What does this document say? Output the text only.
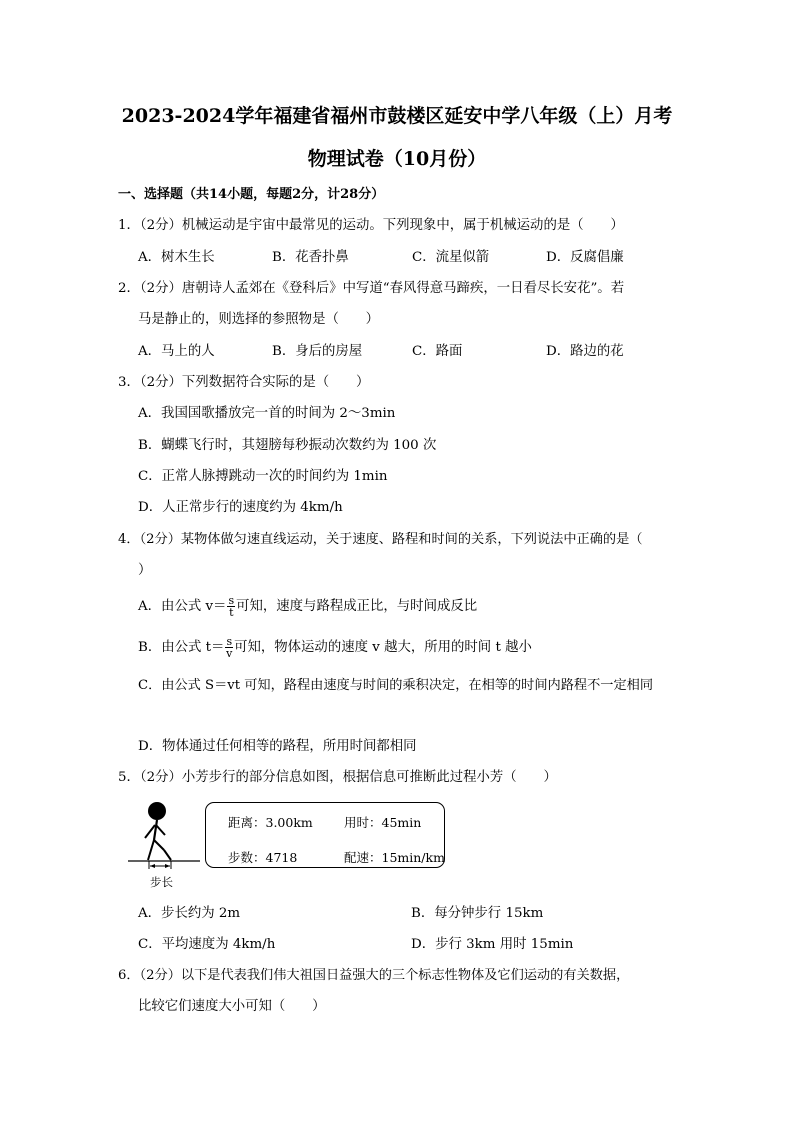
2023-2024学年福建省福州市鼓楼区延安中学八年级（上）月考
物理试卷（10月份）
一、选择题（共14小题，每题2分，计28分）
1．（2分）机械运动是宇宙中最常见的运动。下列现象中，属于机械运动的是（　　）
A．树木生长	B．花香扑鼻	C．流星似箭	D．反腐倡廉
2．（2分）唐朝诗人孟郊在《登科后》中写道“春风得意马蹄疾，一日看尽长安花”。若
马是静止的，则选择的参照物是（　　）
A．马上的人	B．身后的房屋	C．路面	D．路边的花
3．（2分）下列数据符合实际的是（　　）
A．我国国歌播放完一首的时间为 2～3min
B．蝴蝶飞行时，其翅膀每秒振动次数约为 100 次
C．正常人脉搏跳动一次的时间约为 1min
D．人正常步行的速度约为 4km/h
4．（2分）某物体做匀速直线运动，关于速度、路程和时间的关系，下列说法中正确的是（
）
A．由公式 $v= \frac{s}{t}$ 可知，速度与路程成正比，与时间成反比
B．由公式 $t= \frac{s}{v}$ 可知，物体运动的速度 v 越大，所用的时间 t 越小
C．由公式 S＝vt 可知，路程由速度与时间的乘积决定，在相等的时间内路程不一定相同
D．物体通过任何相等的路程，所用时间都相同
5．（2分）小芳步行的部分信息如图，根据信息可推断此过程小芳（　　）
步长
距离：3.00km 用时：45min
步数：4718	配速：15min/km
A．步长约为 2m	B．每分钟步行 15km
C．平均速度为 4km/h	D．步行 3km 用时 15min
6．（2分）以下是代表我们伟大祖国日益强大的三个标志性物体及它们运动的有关数据，
比较它们速度大小可知（　　）
